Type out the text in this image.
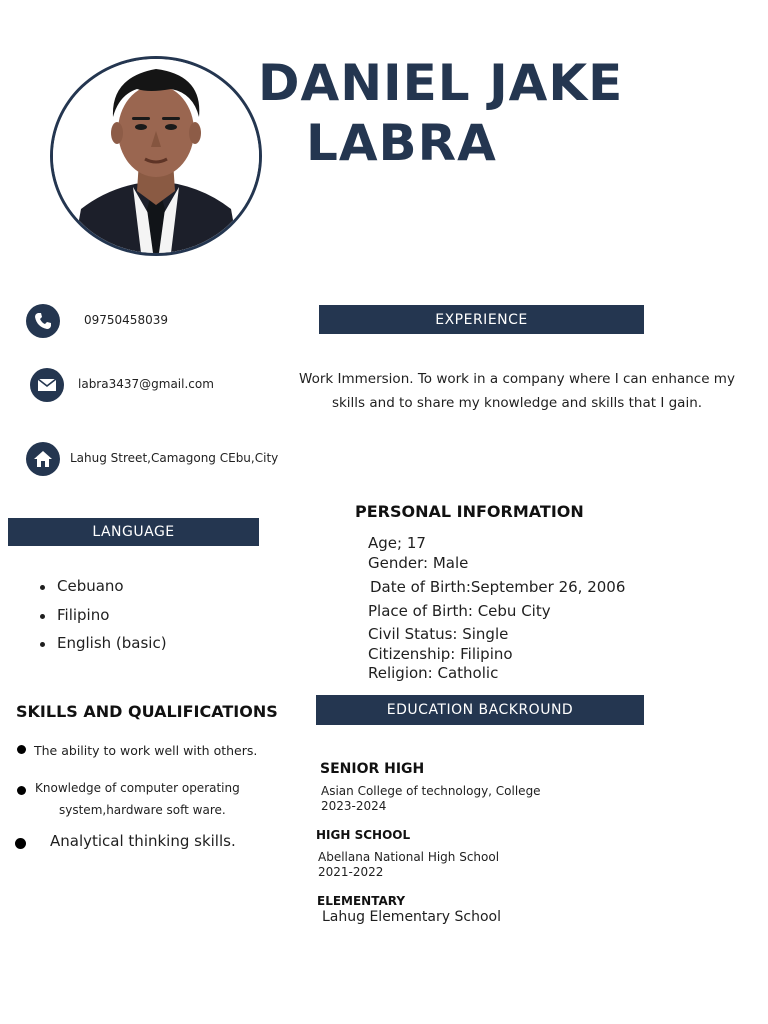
DANIEL JAKE
LABRA
09750458039
labra3437@gmail.com
Lahug Street,Camagong CEbu,City
EXPERIENCE
Work Immersion. To work in a company where I can enhance my
skills and to share my knowledge and skills that I gain.
PERSONAL INFORMATION
Age; 17
Gender: Male
Date of Birth:September 26, 2006
Place of Birth: Cebu City
Civil Status: Single
Citizenship: Filipino
Religion: Catholic
LANGUAGE
Cebuano
Filipino
English (basic)
SKILLS AND QUALIFICATIONS
The ability to work well with others.
Knowledge of computer operating
system,hardware soft ware.
Analytical thinking skills.
EDUCATION BACKROUND
SENIOR HIGH
Asian College of technology, College
2023-2024
HIGH SCHOOL
Abellana National High School
2021-2022
ELEMENTARY
Lahug Elementary School
